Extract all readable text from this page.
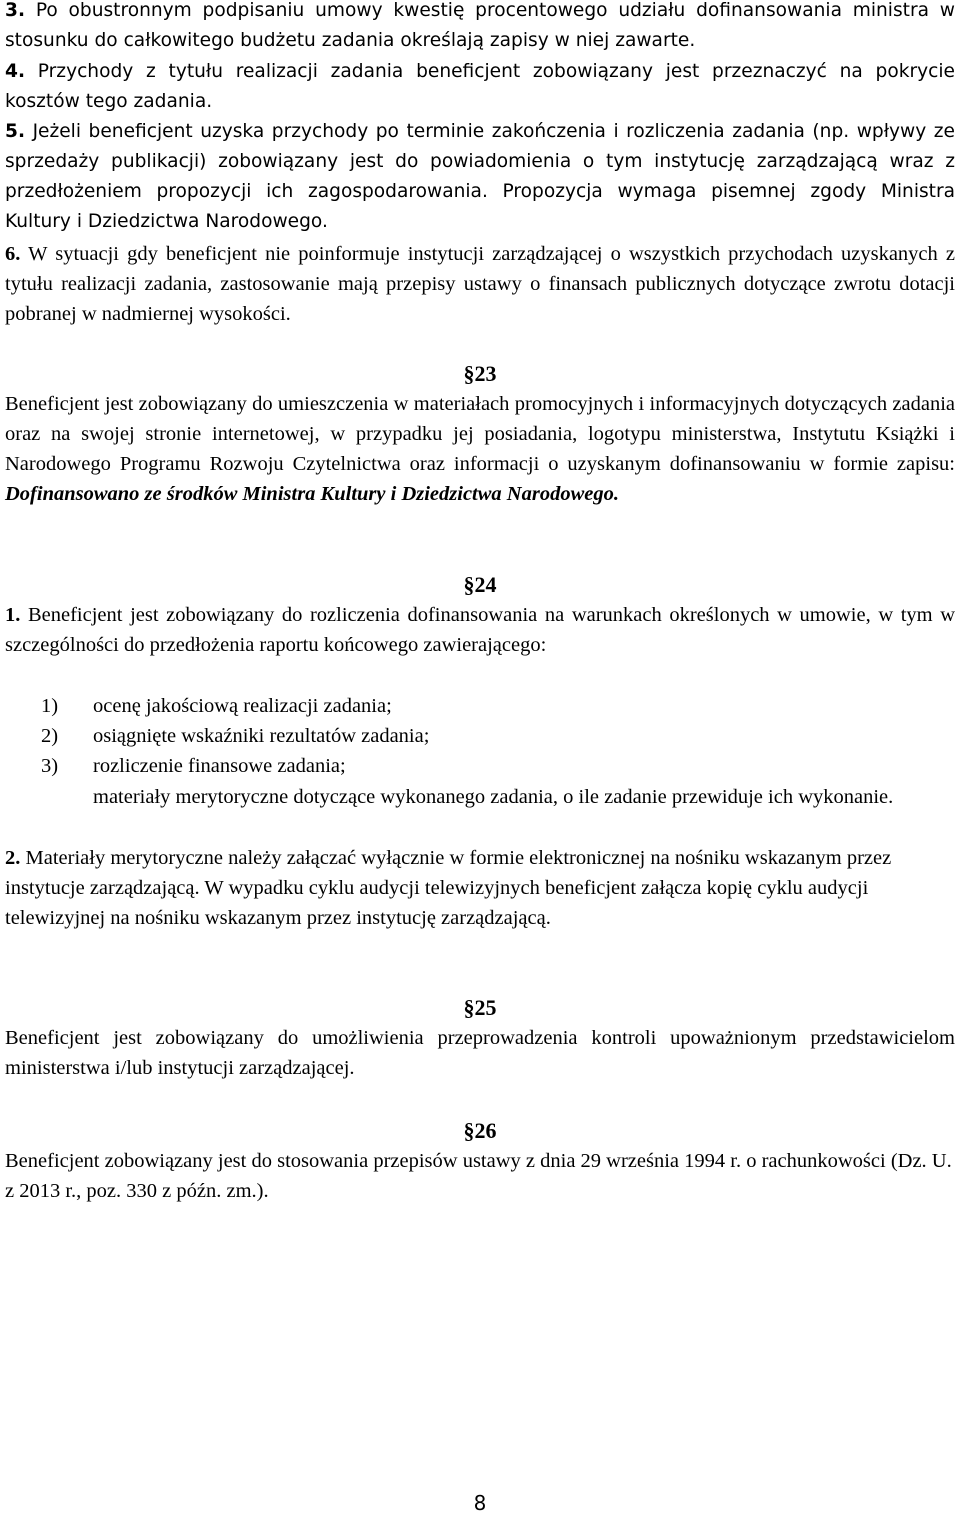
3. Po obustronnym podpisaniu umowy kwestię procentowego udziału dofinansowania ministra w stosunku do całkowitego budżetu zadania określają zapisy w niej zawarte.

4. Przychody z tytułu realizacji zadania beneficjent zobowiązany jest przeznaczyć na pokrycie kosztów tego zadania.

5. Jeżeli beneficjent uzyska przychody po terminie zakończenia i rozliczenia zadania (np. wpływy ze sprzedaży publikacji) zobowiązany jest do powiadomienia o tym instytucję zarządzającą wraz z przedłożeniem propozycji ich zagospodarowania. Propozycja wymaga pisemnej zgody Ministra Kultury i Dziedzictwa Narodowego.

6. W sytuacji gdy beneficjent nie poinformuje instytucji zarządzającej o wszystkich przychodach uzyskanych z tytułu realizacji zadania, zastosowanie mają przepisy ustawy o finansach publicznych dotyczące zwrotu dotacji pobranej w nadmiernej wysokości.

§23

Beneficjent jest zobowiązany do umieszczenia w materiałach promocyjnych i informacyjnych dotyczących zadania oraz na swojej stronie internetowej, w przypadku jej posiadania, logotypu ministerstwa, Instytutu Książki i Narodowego Programu Rozwoju Czytelnictwa oraz informacji o uzyskanym dofinansowaniu w formie zapisu: Dofinansowano ze środków Ministra Kultury i Dziedzictwa Narodowego.

§24

1. Beneficjent jest zobowiązany do rozliczenia dofinansowania na warunkach określonych w umowie, w tym w szczególności do przedłożenia raportu końcowego zawierającego:

1) ocenę jakościową realizacji zadania;
2) osiągnięte wskaźniki rezultatów zadania;
3) rozliczenie finansowe zadania;
materiały merytoryczne dotyczące wykonanego zadania, o ile zadanie przewiduje ich wykonanie.

2. Materiały merytoryczne należy załączać wyłącznie w formie elektronicznej na nośniku wskazanym przez instytucje zarządzającą. W wypadku cyklu audycji telewizyjnych beneficjent załącza kopię cyklu audycji telewizyjnej na nośniku wskazanym przez instytucję zarządzającą.

§25

Beneficjent jest zobowiązany do umożliwienia przeprowadzenia kontroli upoważnionym przedstawicielom ministerstwa i/lub instytucji zarządzającej.

§26

Beneficjent zobowiązany jest do stosowania przepisów ustawy z dnia 29 września 1994 r. o rachunkowości (Dz. U. z 2013 r., poz. 330 z późn. zm.).

8
